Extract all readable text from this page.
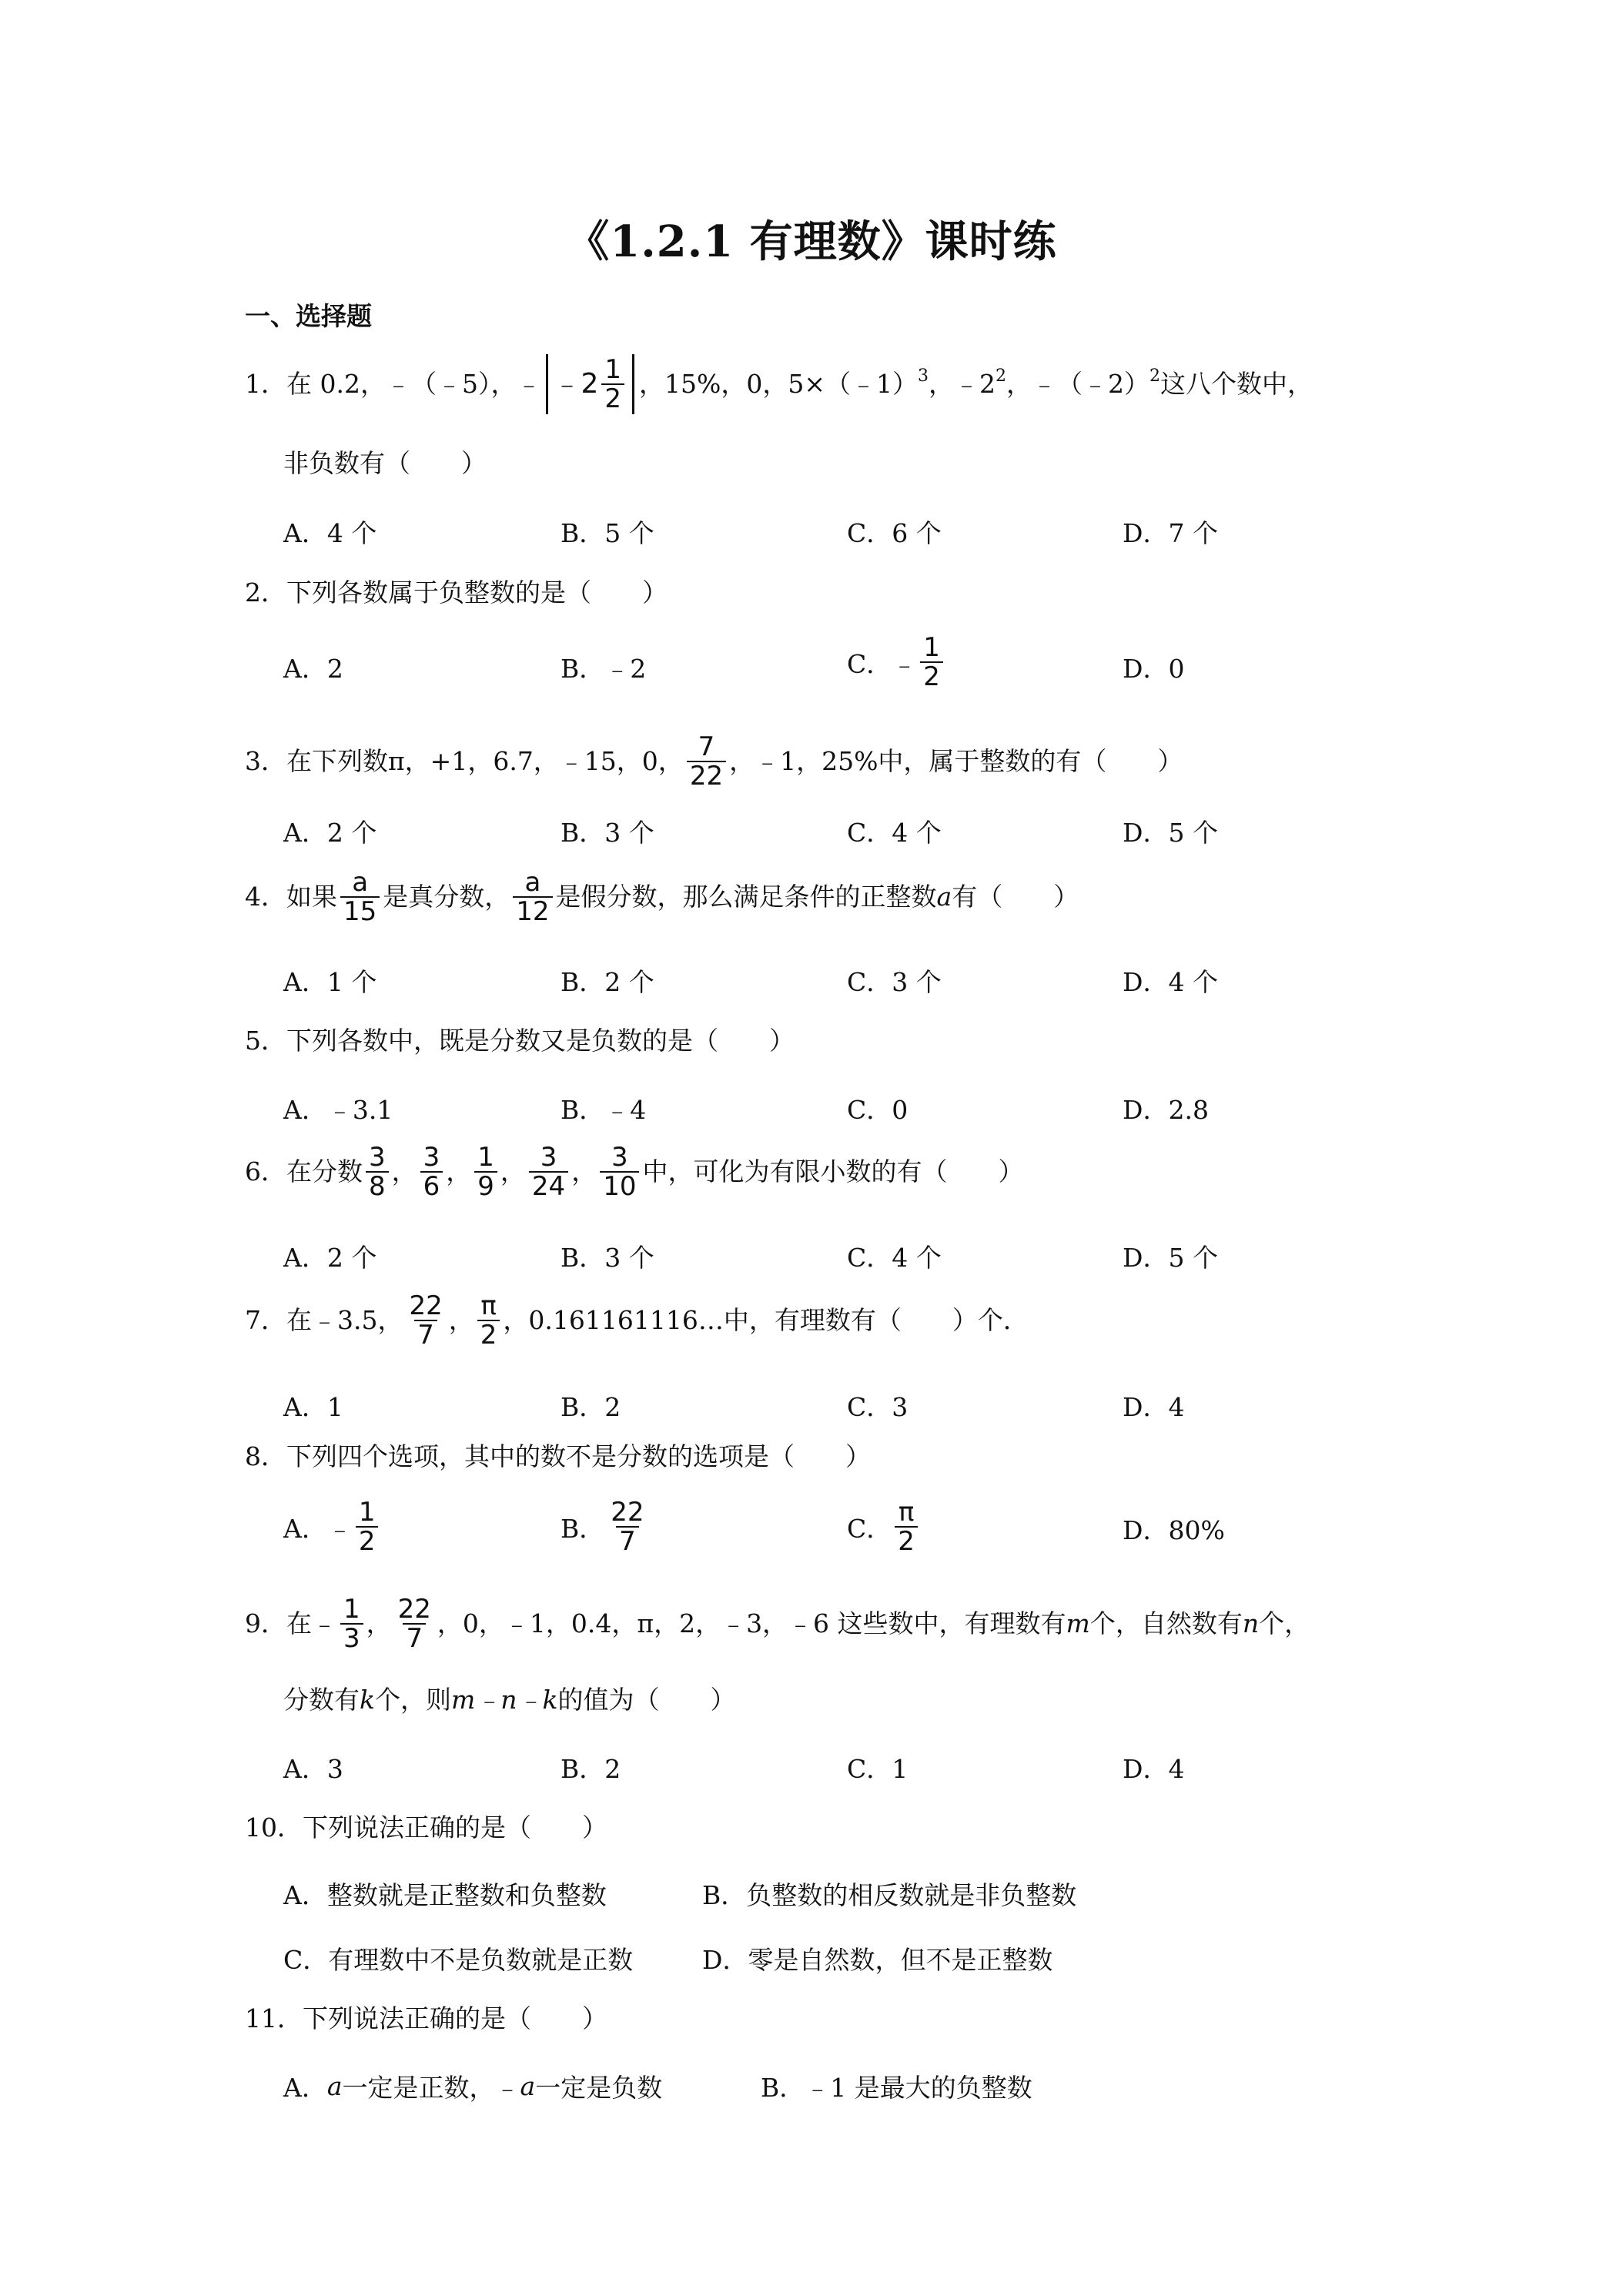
《1.2.1 有理数》课时练
一、选择题
1．在 0.2，﹣（﹣5），﹣ ﹣2 $\frac{1}{2}$ ，15%，0，5×（﹣1）$^3$ ，$﹣2^2$ ，﹣（﹣2）$^2$ 这八个数中，
非负数有（　　）
A．4 个	B．5 个	C．6 个	D．7 个
2．下列各数属于负整数的是（　　）
A．2	B．﹣2	C．﹣ $\frac{1}{2}$	D．0
3．在下列数π，+1，6.7，﹣15，0， $\frac{7}{22}$ ，﹣1，25%中，属于整数的有（　　）
A．2 个	B．3 个	C．4 个	D．5 个
4．如果 $\frac{a}{15}$ 是真分数， $\frac{a}{12}$ 是假分数，那么满足条件的正整数 a 有（　　）
A．1 个	B．2 个	C．3 个	D．4 个
5．下列各数中，既是分数又是负数的是（　　）
A．﹣3.1	B．﹣4	C．0	D．2.8
6．在分数 $\frac{3}{8}$ ， $\frac{3}{6}$ ， $\frac{1}{9}$ ， $\frac{3}{24}$ ， $\frac{3}{10}$ 中，可化为有限小数的有（　　）
A．2 个	B．3 个	C．4 个	D．5 个
7．在﹣3.5， $\frac{22}{7}$ ， $\frac{\pi}{2}$ ，0.161161116…中，有理数有（　　）个．
A．1	B．2	C．3	D．4
8．下列四个选项，其中的数不是分数的选项是（　　）
A． ﹣ $\frac{1}{2}$	B． $\frac{22}{7}$	C． $\frac{\pi}{2}$	D．80%
9．在﹣ $\frac{1}{3}$ ， $\frac{22}{7}$ ，0，﹣1，0.4，π，2，﹣3，﹣6 这些数中，有理数有 m 个，自然数有 n 个，
分数有 k 个，则 m﹣n﹣k 的值为（　　）
A．3	B．2	C．1	D．4
10．下列说法正确的是（　　）
A．整数就是正整数和负整数	B．负整数的相反数就是非负整数
C．有理数中不是负数就是正数	D．零是自然数，但不是正整数
11．下列说法正确的是（　　）
A． a 一定是正数，﹣ a 一定是负数	B．﹣1 是最大的负整数
